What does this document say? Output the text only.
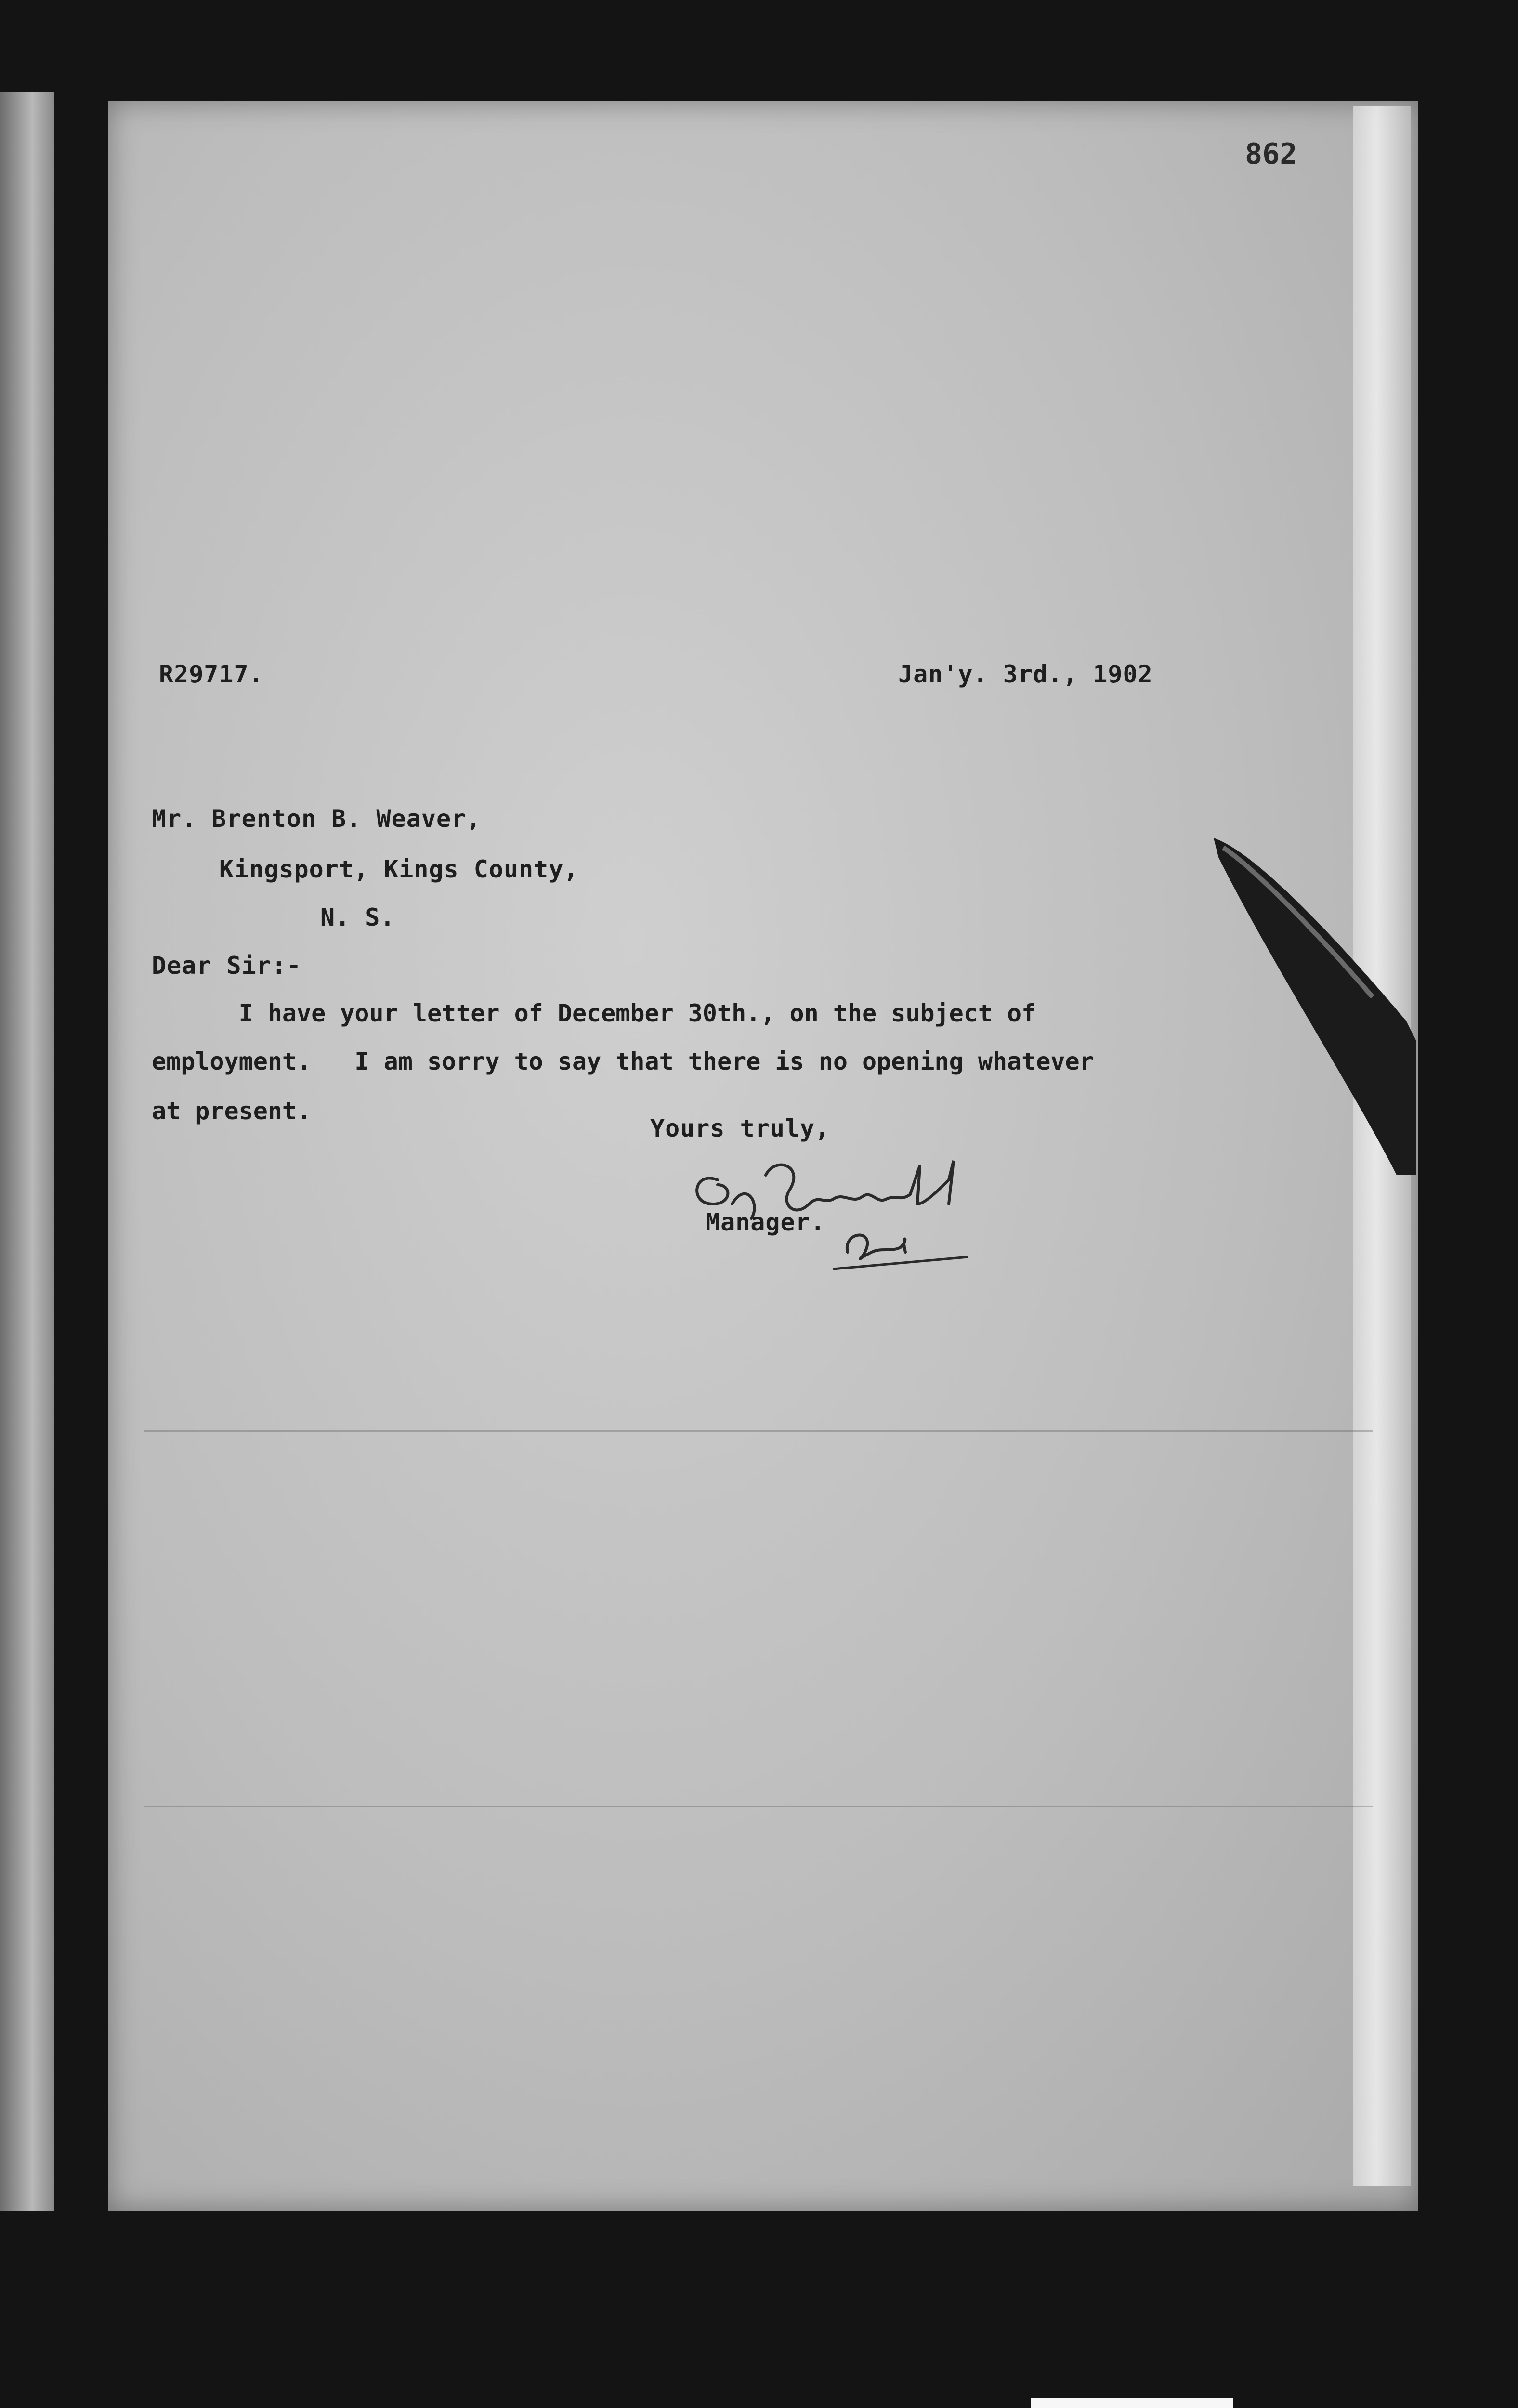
862
R29717.	Jan'y. 3rd., 1902
Mr. Brenton B. Weaver,
Kingsport, Kings County,
N. S.
Dear Sir:-
I have your letter of December 30th., on the subject of
employment.   I am sorry to say that there is no opening whatever
at present.
Yours truly,
Manager.
